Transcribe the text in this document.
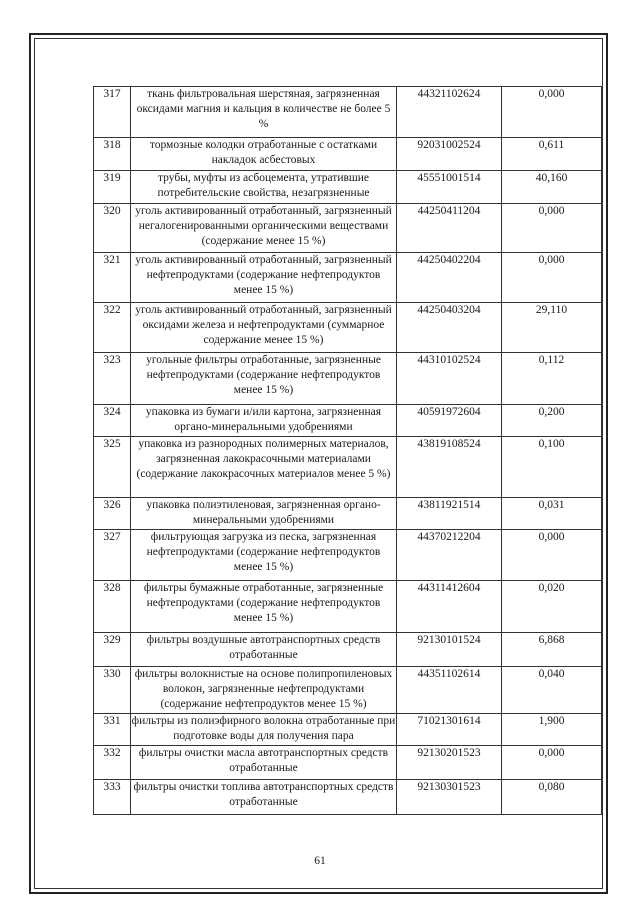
317	ткань фильтровальная шерстяная, загрязненная оксидами магния и кальция в количестве не более 5 %	44321102624	0,000
318	тормозные колодки отработанные с остатками накладок асбестовых	92031002524	0,611
319	трубы, муфты из асбоцемента, утратившие потребительские свойства, незагрязненные	45551001514	40,160
320	уголь активированный отработанный, загрязненный негалогенированными органическими веществами (содержание менее 15 %)	44250411204	0,000
321	уголь активированный отработанный, загрязненный нефтепродуктами (содержание нефтепродуктов менее 15 %)	44250402204	0,000
322	уголь активированный отработанный, загрязненный оксидами железа и нефтепродуктами (суммарное содержание менее 15 %)	44250403204	29,110
323	угольные фильтры отработанные, загрязненные нефтепродуктами (содержание нефтепродуктов менее 15 %)	44310102524	0,112
324	упаковка из бумаги и/или картона, загрязненная органо-минеральными удобрениями	40591972604	0,200
325	упаковка из разнородных полимерных материалов, загрязненная лакокрасочными материалами (содержание лакокрасочных материалов менее 5 %)	43819108524	0,100
326	упаковка полиэтиленовая, загрязненная органо-минеральными удобрениями	43811921514	0,031
327	фильтрующая загрузка из песка, загрязненная нефтепродуктами (содержание нефтепродуктов менее 15 %)	44370212204	0,000
328	фильтры бумажные отработанные, загрязненные нефтепродуктами (содержание нефтепродуктов менее 15 %)	44311412604	0,020
329	фильтры воздушные автотранспортных средств отработанные	92130101524	6,868
330	фильтры волокнистые на основе полипропиленовых волокон, загрязненные нефтепродуктами (содержание нефтепродуктов менее 15 %)	44351102614	0,040
331	фильтры из полиэфирного волокна отработанные при подготовке воды для получения пара	71021301614	1,900
332	фильтры очистки масла автотранспортных средств отработанные	92130201523	0,000
333	фильтры очистки топлива автотранспортных средств отработанные	92130301523	0,080
61
